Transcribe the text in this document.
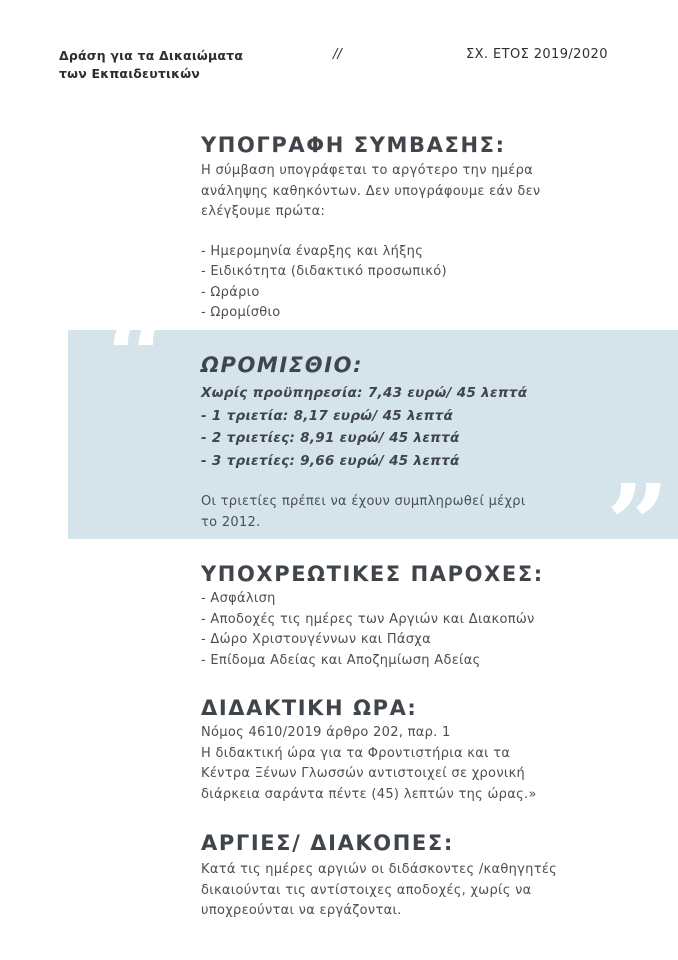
Δράση για τα Δικαιώματα
των Εκπαιδευτικών
//	ΣΧ. ΕΤΟΣ 2019/2020
ΥΠΟΓΡΑΦΗ ΣΥΜΒΑΣΗΣ:

Η σύμβαση υπογράφεται το αργότερο την ημέρα
ανάληψης καθηκόντων. Δεν υπογράφουμε εάν δεν
ελέγξουμε πρώτα:

- Ημερομηνία έναρξης και λήξης
- Ειδικότητα (διδακτικό προσωπικό)
- Ωράριο
- Ωρομίσθιο

“
”
ΩΡΟΜΙΣΘΙΟ:
Χωρίς προϋπηρεσία: 7,43 ευρώ/ 45 λεπτά
- 1 τριετία: 8,17 ευρώ/ 45 λεπτά
- 2 τριετίες: 8,91 ευρώ/ 45 λεπτά
- 3 τριετίες: 9,66 ευρώ/ 45 λεπτά

Οι τριετίες πρέπει να έχουν συμπληρωθεί μέχρι
το 2012.

ΥΠΟΧΡΕΩΤΙΚΕΣ ΠΑΡΟΧΕΣ:

- Ασφάλιση
- Αποδοχές τις ημέρες των Αργιών και Διακοπών
- Δώρο Χριστουγέννων και Πάσχα
- Επίδομα Αδείας και Αποζημίωση Αδείας

ΔΙΔΑΚΤΙΚΗ ΩΡΑ:

Νόμος 4610/2019 άρθρο 202, παρ. 1
Η διδακτική ώρα για τα Φροντιστήρια και τα
Κέντρα Ξένων Γλωσσών αντιστοιχεί σε χρονική
διάρκεια σαράντα πέντε (45) λεπτών της ώρας.»

ΑΡΓΙΕΣ/ ΔΙΑΚΟΠΕΣ:

Κατά τις ημέρες αργιών οι διδάσκοντες /καθηγητές
δικαιούνται τις αντίστοιχες αποδοχές, χωρίς να
υποχρεούνται να εργάζονται.
